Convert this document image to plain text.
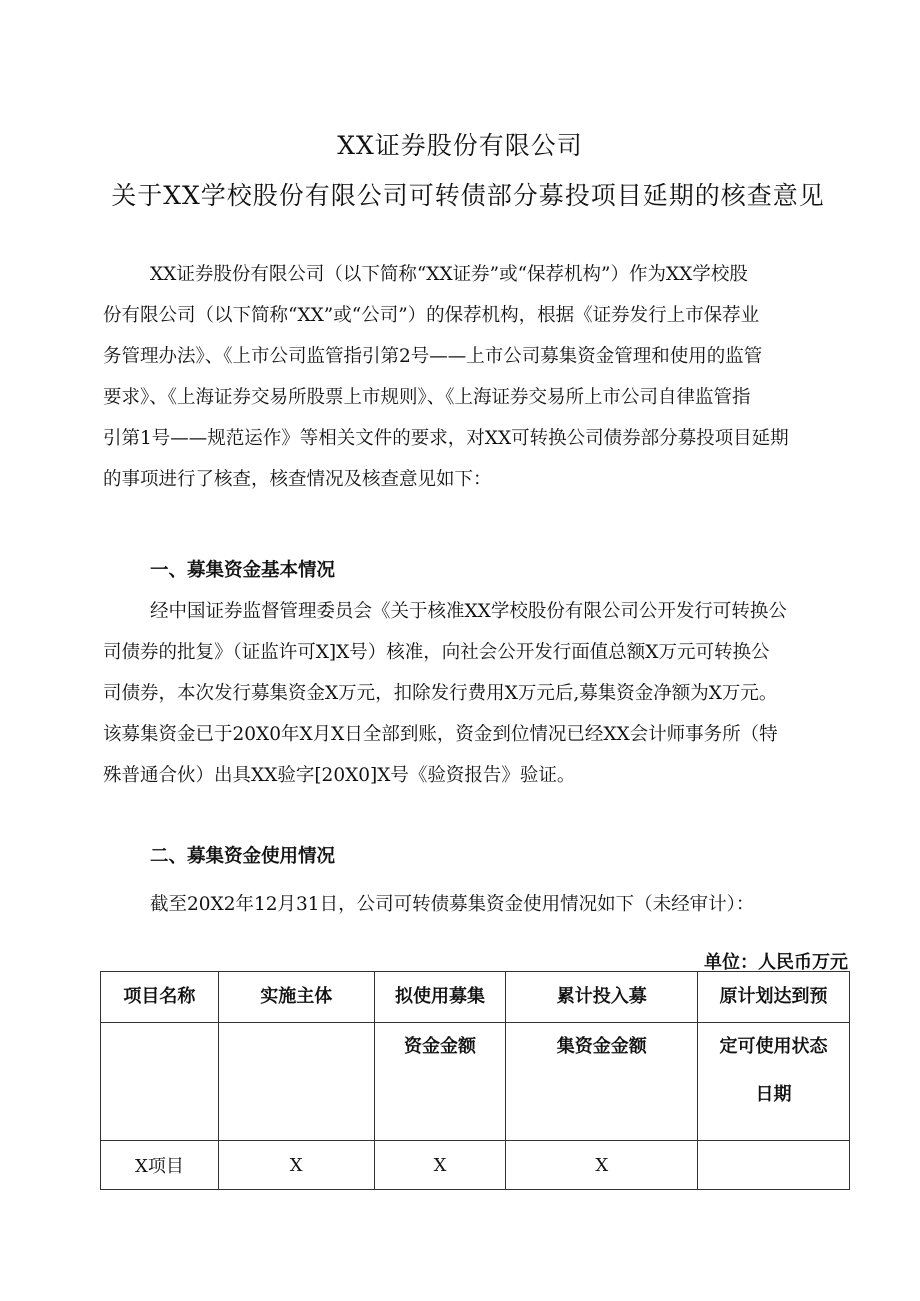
XX证券股份有限公司
关于XX学校股份有限公司可转债部分募投项目延期的核查意见
XX证券股份有限公司（以下简称“XX证券”或“保荐机构”）作为XX学校股
份有限公司（以下简称“XX”或“公司”）的保荐机构，根据《证券发行上市保荐业
务管理办法》、《上市公司监管指引第2号——上市公司募集资金管理和使用的监管
要求》、《上海证券交易所股票上市规则》、《上海证券交易所上市公司自律监管指
引第1号——规范运作》等相关文件的要求，对XX可转换公司债券部分募投项目延期
的事项进行了核查，核查情况及核查意见如下：
一、募集资金基本情况
经中国证券监督管理委员会《关于核准XX学校股份有限公司公开发行可转换公
司债券的批复》（证监许可X]X号）核准，向社会公开发行面值总额X万元可转换公
司债券，本次发行募集资金X万元，扣除发行费用X万元后,募集资金净额为X万元。
该募集资金已于20X0年X月X日全部到账，资金到位情况已经XX会计师事务所（特
殊普通合伙）出具XX验字[20X0]X号《验资报告》验证。
二、募集资金使用情况
截至20X2年12月31日，公司可转债募集资金使用情况如下（未经审计）：
单位：人民币万元
项目名称	实施主体	拟使用募集	累计投入募	原计划达到预

		资金金额	集资金金额	定可使用状态
日期

X项目	X	X	X	
